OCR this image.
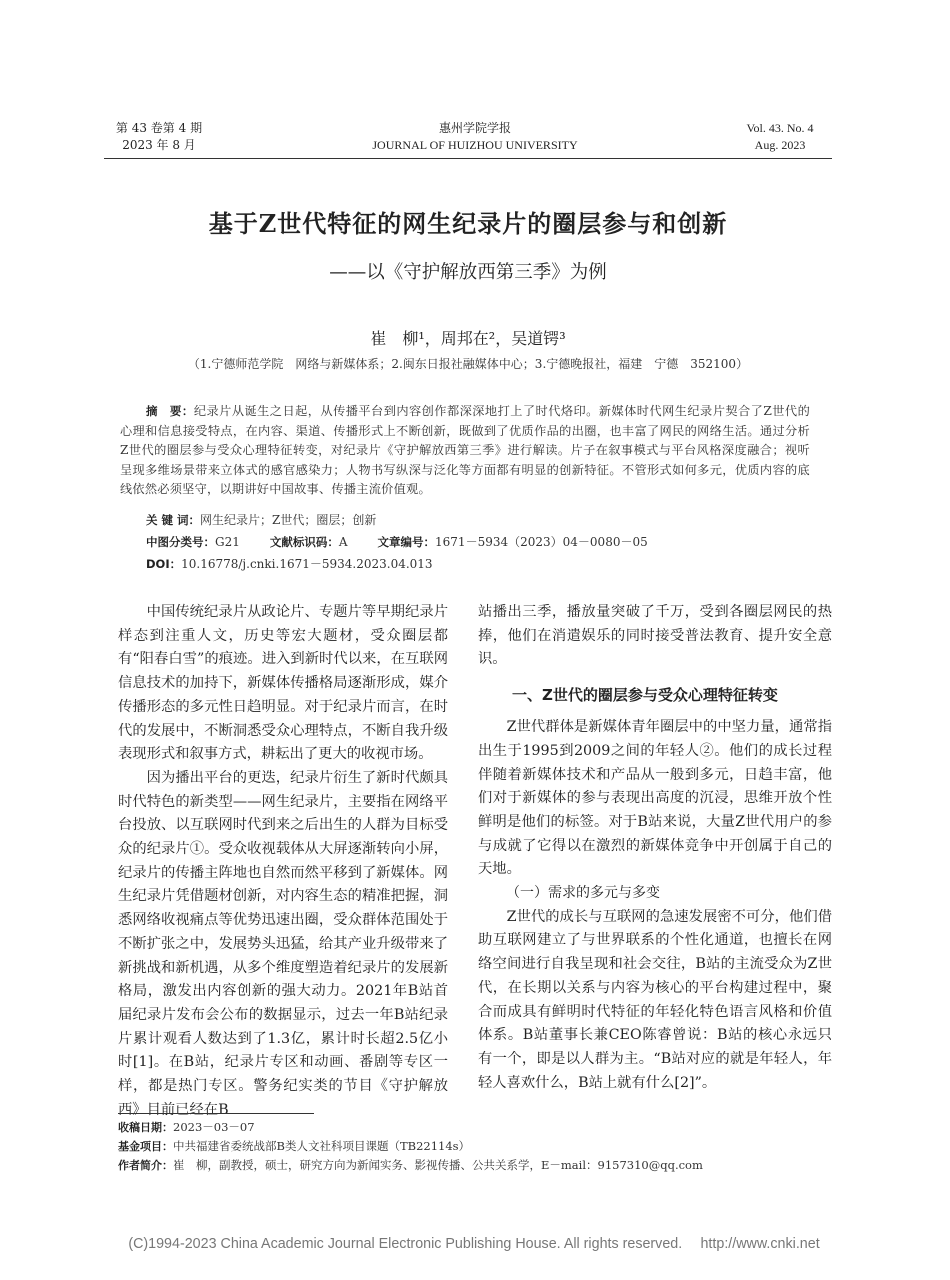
第 43 卷第 4 期
2023 年 8 月
惠州学院学报
JOURNAL OF HUIZHOU UNIVERSITY
Vol. 43. No. 4
Aug. 2023
基于Z世代特征的网生纪录片的圈层参与和创新
——以《守护解放西第三季》为例
崔　柳¹，周邦在²，吴道锷³
（1.宁德师范学院　网络与新媒体系；2.闽东日报社融媒体中心；3.宁德晚报社，福建　宁德　352100）
摘　要：纪录片从诞生之日起，从传播平台到内容创作都深深地打上了时代烙印。新媒体时代网生纪录片契合了Z世代的心理和信息接受特点，在内容、渠道、传播形式上不断创新，既做到了优质作品的出圈，也丰富了网民的网络生活。通过分析Z世代的圈层参与受众心理特征转变，对纪录片《守护解放西第三季》进行解读。片子在叙事模式与平台风格深度融合；视听呈现多维场景带来立体式的感官感染力；人物书写纵深与泛化等方面都有明显的创新特征。不管形式如何多元，优质内容的底线依然必须坚守，以期讲好中国故事、传播主流价值观。
关 键 词：网生纪录片；Z世代；圈层；创新
中图分类号：G21	文献标识码：A	文章编号：1671－5934（2023）04－0080－05
DOI：10.16778/j.cnki.1671－5934.2023.04.013

中国传统纪录片从政论片、专题片等早期纪录片样态到注重人文，历史等宏大题材，受众圈层都有“阳春白雪”的痕迹。进入到新时代以来，在互联网信息技术的加持下，新媒体传播格局逐渐形成，媒介传播形态的多元性日趋明显。对于纪录片而言，在时代的发展中，不断洞悉受众心理特点，不断自我升级表现形式和叙事方式，耕耘出了更大的收视市场。

因为播出平台的更迭，纪录片衍生了新时代颇具时代特色的新类型——网生纪录片，主要指在网络平台投放、以互联网时代到来之后出生的人群为目标受众的纪录片①。受众收视载体从大屏逐渐转向小屏，纪录片的传播主阵地也自然而然平移到了新媒体。网生纪录片凭借题材创新，对内容生态的精准把握，洞悉网络收视痛点等优势迅速出圈，受众群体范围处于不断扩张之中，发展势头迅猛，给其产业升级带来了新挑战和新机遇，从多个维度塑造着纪录片的发展新格局，激发出内容创新的强大动力。2021年B站首届纪录片发布会公布的数据显示，过去一年B站纪录片累计观看人数达到了1.3亿，累计时长超2.5亿小时[1]。在B站，纪录片专区和动画、番剧等专区一样，都是热门专区。警务纪实类的节目《守护解放西》目前已经在B

站播出三季，播放量突破了千万，受到各圈层网民的热捧，他们在消遣娱乐的同时接受普法教育、提升安全意识。

一、Z世代的圈层参与受众心理特征转变

Z世代群体是新媒体青年圈层中的中坚力量，通常指出生于1995到2009之间的年轻人②。他们的成长过程伴随着新媒体技术和产品从一般到多元，日趋丰富，他们对于新媒体的参与表现出高度的沉浸，思维开放个性鲜明是他们的标签。对于B站来说，大量Z世代用户的参与成就了它得以在激烈的新媒体竞争中开创属于自己的天地。

（一）需求的多元与多变

Z世代的成长与互联网的急速发展密不可分，他们借助互联网建立了与世界联系的个性化通道，也擅长在网络空间进行自我呈现和社会交往，B站的主流受众为Z世代，在长期以关系与内容为核心的平台构建过程中，聚合而成具有鲜明时代特征的年轻化特色语言风格和价值体系。B站董事长兼CEO陈睿曾说：B站的核心永远只有一个，即是以人群为主。“B站对应的就是年轻人，年轻人喜欢什么，B站上就有什么[2]”。

收稿日期：2023－03－07
基金项目：中共福建省委统战部B类人文社科项目课题（TB22114s）
作者简介：崔　柳，副教授，硕士，研究方向为新闻实务、影视传播、公共关系学，E－mail：9157310@qq.com
(C)1994-2023 China Academic Journal Electronic Publishing House. All rights reserved.　 http://www.cnki.net
